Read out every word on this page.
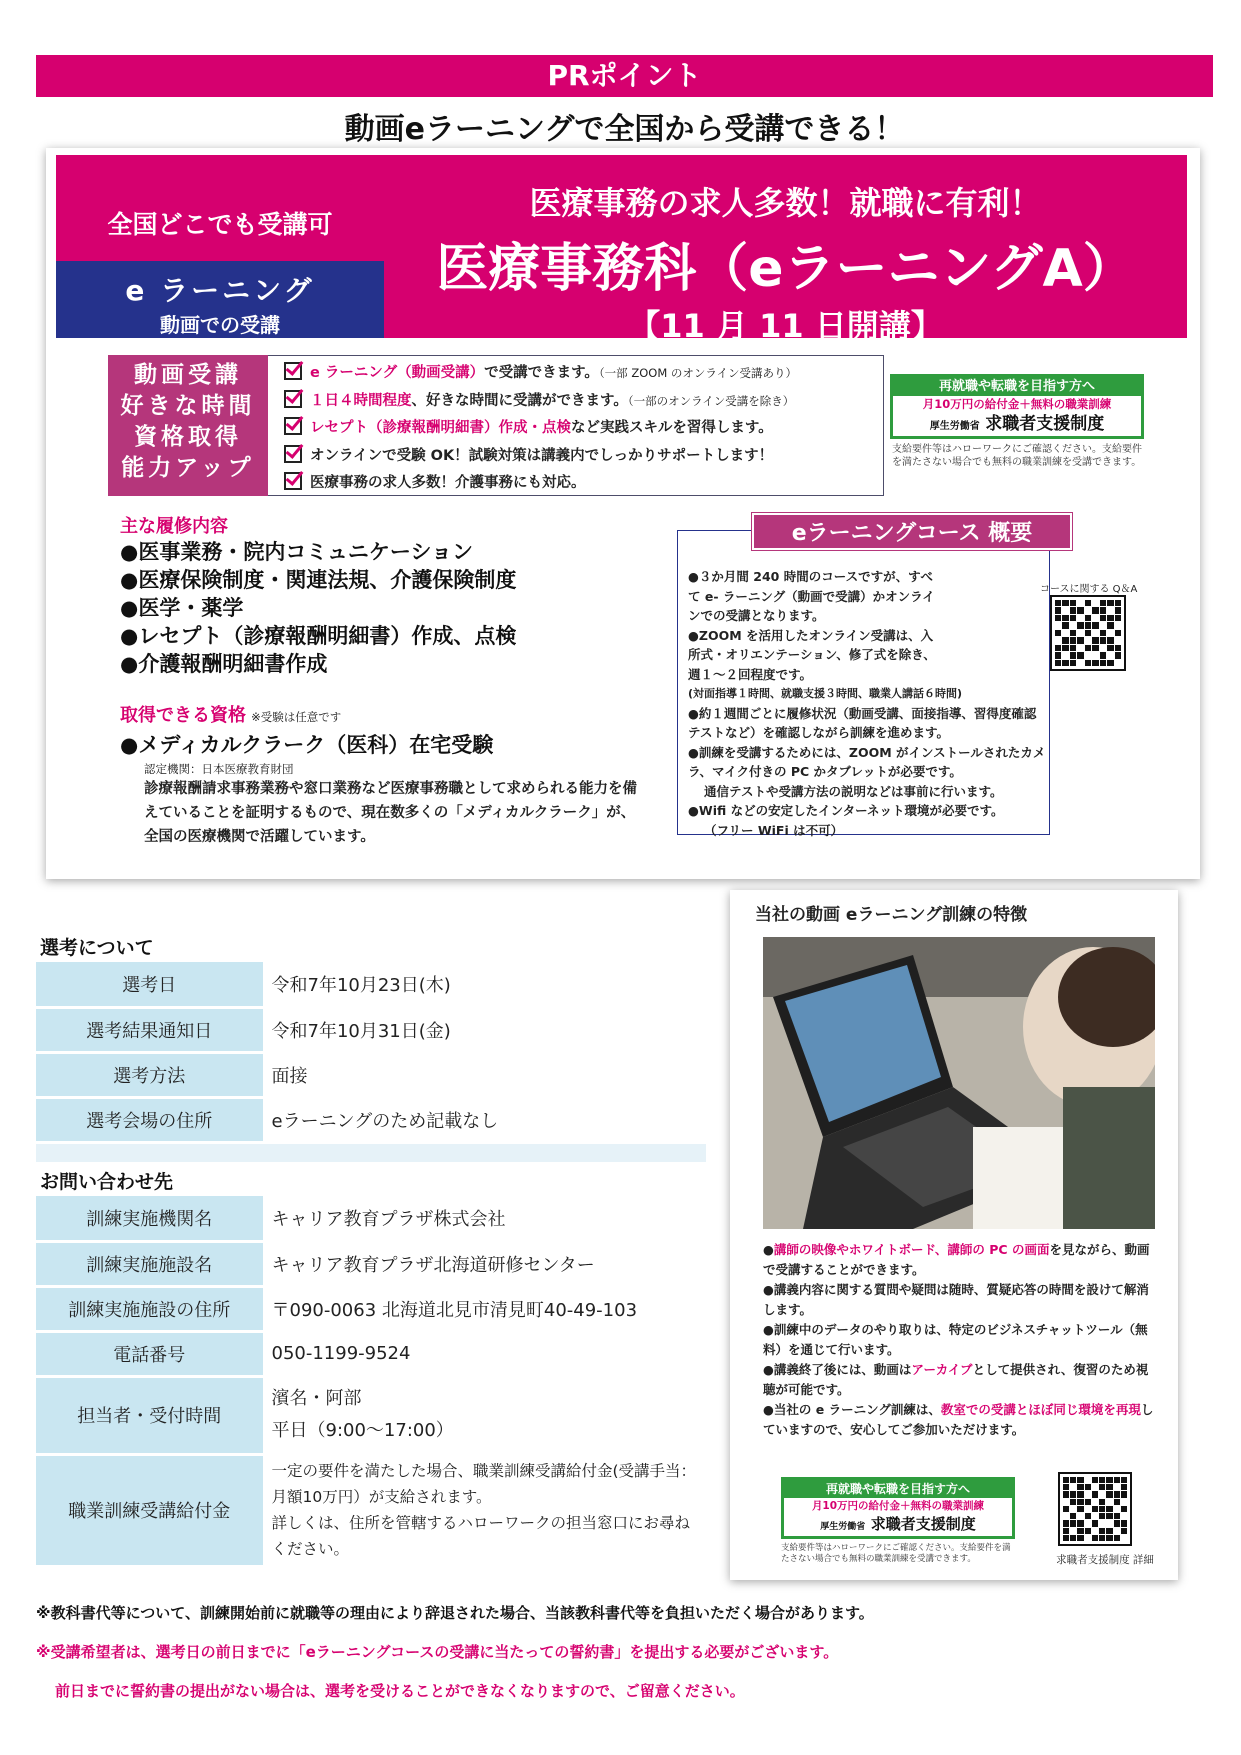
PRポイント
動画eラーニングで全国から受講できる！
全国どこでも受講可
e ラーニング
動画での受講
医療事務の求人多数！就職に有利！
医療事務科（eラーニングA）
【11 月 11 日開講】
動画受講
好きな時間
資格取得
能力アップ
e ラーニング（動画受講）で受講できます。（一部 ZOOM のオンライン受講あり）
１日４時間程度、好きな時間に受講ができます。（一部のオンライン受講を除き）
レセプト（診療報酬明細書）作成・点検など実践スキルを習得します。
オンラインで受験 OK！試験対策は講義内でしっかりサポートします！
医療事務の求人多数！介護事務にも対応。
再就職や転職を目指す方へ
月10万円の給付金＋無料の職業訓練
厚生労働省 求職者支援制度
支給要件等はハローワークにご確認ください。支給要件を満たさない場合でも無料の職業訓練を受講できます。
主な履修内容
●医事業務・院内コミュニケーション
●医療保険制度・関連法規、介護保険制度
●医学・薬学
●レセプト（診療報酬明細書）作成、点検
●介護報酬明細書作成
取得できる資格 ※受験は任意です
●メディカルクラーク（医科）在宅受験
認定機関：日本医療教育財団
診療報酬請求事務業務や窓口業務など医療事務職として求められる能力を備えていることを証明するもので、現在数多くの「メディカルクラーク」が、全国の医療機関で活躍しています。
eラーニングコース 概要
●３か月間 240 時間のコースですが、すべて e- ラーニング（動画で受講）かオンラインでの受講となります。
●ZOOM を活用したオンライン受講は、入所式・オリエンテーション、修了式を除き、週１～２回程度です。
(対面指導１時間、就職支援３時間、職業人講話６時間)
●約１週間ごとに履修状況（動画受講、面接指導、習得度確認テストなど）を確認しながら訓練を進めます。
●訓練を受講するためには、ZOOM がインストールされたカメラ、マイク付きの PC かタブレットが必要です。
通信テストや受講方法の説明などは事前に行います。
●Wifi などの安定したインターネット環境が必要です。
（フリー WiFi は不可）
コースに関する Q＆A
選考について
選考日	令和7年10月23日(木)
選考結果通知日	令和7年10月31日(金)
選考方法	面接
選考会場の住所	eラーニングのため記載なし
お問い合わせ先
訓練実施機関名	キャリア教育プラザ株式会社
訓練実施施設名	キャリア教育プラザ北海道研修センター
訓練実施施設の住所	〒090-0063 北海道北見市清見町40-49-103
電話番号	050-1199-9524
担当者・受付時間	濱名・阿部
平日（9:00～17:00）

職業訓練受講給付金	一定の要件を満たした場合、職業訓練受講給付金(受講手当：月額10万円）が支給されます。
詳しくは、住所を管轄するハローワークの担当窓口にお尋ねください。
当社の動画 eラーニング訓練の特徴
●講師の映像やホワイトボード、講師の PC の画面を見ながら、動画で受講することができます。
●講義内容に関する質問や疑問は随時、質疑応答の時間を設けて解消します。
●訓練中のデータのやり取りは、特定のビジネスチャットツール（無料）を通じて行います。
●講義終了後には、動画はアーカイブとして提供され、復習のため視聴が可能です。
●当社の e ラーニング訓練は、教室での受講とほぼ同じ環境を再現していますので、安心してご参加いただけます。
再就職や転職を目指す方へ
月10万円の給付金＋無料の職業訓練
厚生労働省 求職者支援制度
支給要件等はハローワークにご確認ください。支給要件を満たさない場合でも無料の職業訓練を受講できます。	求職者支援制度 詳細
※教科書代等について、訓練開始前に就職等の理由により辞退された場合、当該教科書代等を負担いただく場合があります。
※受講希望者は、選考日の前日までに「eラーニングコースの受講に当たっての誓約書」を提出する必要がございます。
前日までに誓約書の提出がない場合は、選考を受けることができなくなりますので、ご留意ください。
